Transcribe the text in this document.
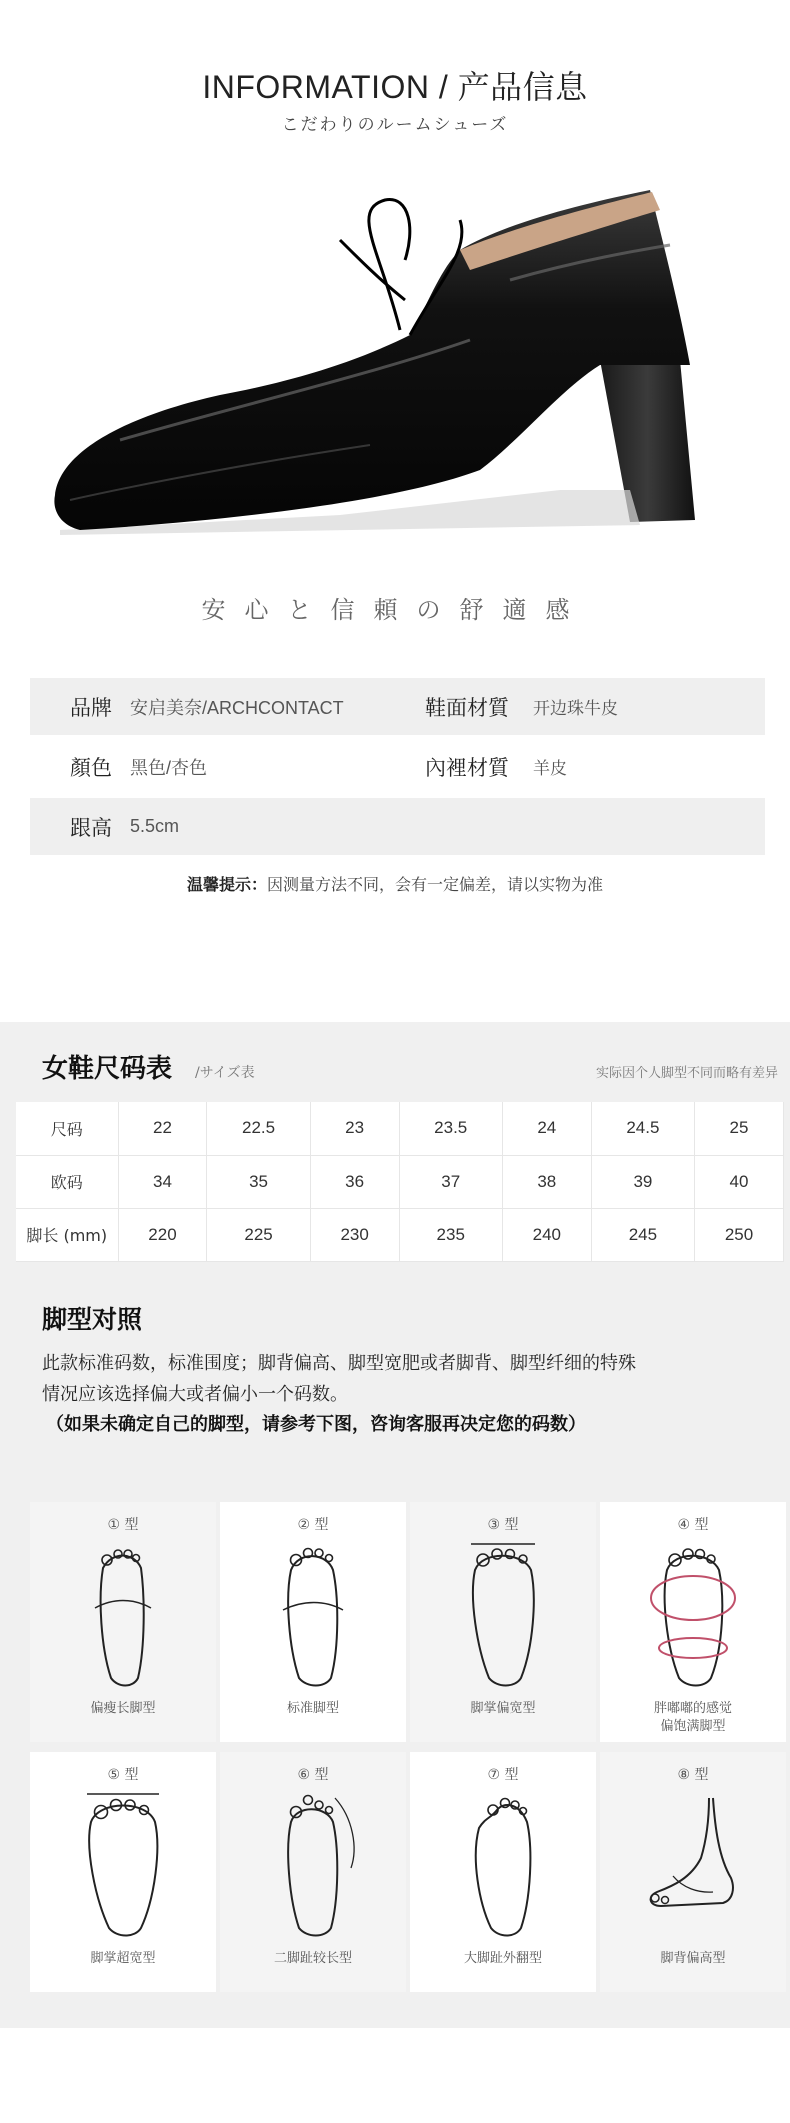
INFORMATION / 产品信息
こだわりのルームシューズ
安心と信頼の舒適感
品牌	安启美奈/ARCHCONTACT	鞋面材質	开边珠牛皮
顏色	黑色/杏色	內裡材質	羊皮
跟高	5.5cm
温馨提示：因测量方法不同，会有一定偏差，请以实物为准
女鞋尺码表 /サイズ表	实际因个人脚型不同而略有差异
尺码	22	22.5	23	23.5	24	24.5	25
欧码	34	35	36	37	38	39	40
脚长 (mm)	220	225	230	235	240	245	250
脚型对照
此款标准码数，标准围度；脚背偏高、脚型宽肥或者脚背、脚型纤细的特殊
情况应该选择偏大或者偏小一个码数。
（如果未确定自己的脚型，请参考下图，咨询客服再决定您的码数）
① 型
偏瘦长脚型
② 型
标准脚型
③ 型
脚掌偏宽型
④ 型
胖嘟嘟的感觉
偏饱满脚型
⑤ 型
脚掌超宽型
⑥ 型
二脚趾较长型
⑦ 型
大脚趾外翻型
⑧ 型
脚背偏高型
